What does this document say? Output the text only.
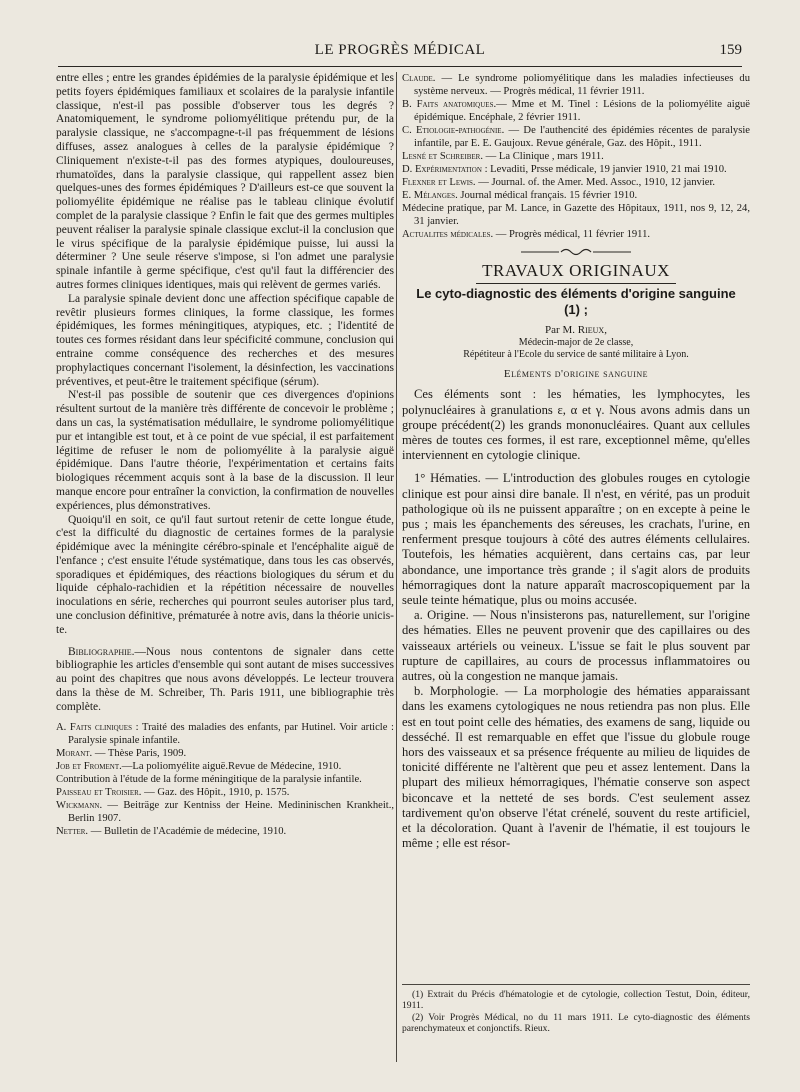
LE PROGRÈS MÉDICAL	159

entre elles ; entre les grandes épidémies de la paralysie épidémique et les petits foyers épidémiques familiaux et scolaires de la paralysie infantile classique, n'est-il pas possible d'observer tous les degrés ? Anatomiquement, le syndrome poliomyélitique prétendu pur, de la paralysie classique, ne s'accompagne-t-il pas fréquemment de lésions diffuses, assez analogues à celles de la paralysie épidémique ? Cliniquement n'existe-t-il pas des formes atypiques, douloureuses, rhumatoïdes, dans la paralysie classique, qui rappellent assez bien quelques-unes des formes épidémiques ? D'ailleurs est-ce que souvent la poliomyélite épidémique ne réalise pas le tableau clinique évolutif complet de la paralysie classique ? Enfin le fait que des germes multiples peuvent réaliser la paralysie spinale classique exclut-il la conclusion que le virus spécifique de la paralysie épidémique puisse, lui aussi la déterminer ? Une seule réserve s'impose, si l'on admet une paralysie spinale infantile à germe spécifique, c'est qu'il faut la différencier des autres formes cliniques identiques, mais qui relèvent de germes variés.

La paralysie spinale devient donc une affection spécifique capable de revêtir plusieurs formes cliniques, la forme classique, les formes épidémiques, les formes méningitiques, atypiques, etc. ; l'identité de toutes ces formes résidant dans leur spécificité commune, conclusion qui entraine comme conséquence des recherches et des mesures prophylactiques concernant l'isolement, la désinfection, les vaccinations préventives, et peut-être le traitement spécifique (sérum).

N'est-il pas possible de soutenir que ces divergences d'opinions résultent surtout de la manière très différente de concevoir le problème ; dans un cas, la systématisation médullaire, le syndrome poliomyélitique pur et intangible est tout, et à ce point de vue spécial, il est parfaitement légitime de refuser le nom de poliomyélite à la paralysie aiguë épidémique. Dans l'autre théorie, l'expérimentation et certains faits biologiques récemment acquis sont à la base de la discussion. Il leur manque encore pour entraîner la conviction, la confirmation de nouvelles expériences, plus démonstratives.

Quoiqu'il en soit, ce qu'il faut surtout retenir de cette longue étude, c'est la difficulté du diagnostic de certaines formes de la paralysie épidémique avec la méningite cérébro-spinale et l'encéphalite aiguë de l'enfance ; c'est ensuite l'étude systématique, dans tous les cas observés, sporadiques et épidémiques, des réactions biologiques du sérum et du liquide céphalo-rachidien et la répétition nécessaire de nouvelles inoculations en série, recherches qui pourront seules autoriser plus tard, une conclusion définitive, prématurée à notre avis, dans la théorie unicis-te.

Bibliographie.—Nous nous contentons de signaler dans cette bibliographie les articles d'ensemble qui sont autant de mises successives au point des chapitres que nous avons développés. Le lecteur trouvera dans la thèse de M. Schreiber, Th. Paris 1911, une bibliographie très complète.

A. Faits cliniques : Traité des maladies des enfants, par Hutinel. Voir article : Paralysie spinale infantile.

Morant. — Thèse Paris, 1909.

Job et Froment.—La poliomyélite aiguë.Revue de Médecine, 1910.

Contribution à l'étude de la forme méningitique de la paralysie infantile.

Paisseau et Troisier. — Gaz. des Hôpit., 1910, p. 1575.

Wickmann. — Beiträge zur Kentniss der Heine. Medininischen Krankheit., Berlin 1907.

Netter. — Bulletin de l'Académie de médecine, 1910.

Claude. — Le syndrome poliomyélitique dans les maladies infectieuses du système nerveux. — Progrès médical, 11 février 1911.

B. Faits anatomiques.— Mme et M. Tinel : Lésions de la poliomyélite aiguë épidémique. Encéphale, 2 février 1911.

C. Etiologie-pathogénie. — De l'authencité des épidémies récentes de paralysie infantile, par E. E. Gaujoux. Revue générale, Gaz. des Hôpit., 1911.

Lesné et Schreiber. — La Clinique , mars 1911.

D. Expérimentation : Levaditi, Prsse médicale, 19 janvier 1910, 21 mai 1910.

Flexner et Lewis. — Journal. of. the Amer. Med. Assoc., 1910, 12 janvier.

E. Mélanges. Journal médical français. 15 février 1910.

Médecine pratique, par M. Lance, in Gazette des Hôpitaux, 1911, nos 9, 12, 24, 31 janvier.

Actualites médicales. — Progrès médical, 11 février 1911.

TRAVAUX ORIGINAUX
Le cyto-diagnostic des éléments d'origine sanguine (1) ;

Par M. Rieux,

Médecin-major de 2e classe,

Répétiteur à l'Ecole du service de santé militaire à Lyon.

Eléments d'origine sanguine

Ces éléments sont : les hématies, les lymphocytes, les polynucléaires à granulations ε, α et γ. Nous avons admis dans un groupe précédent(2) les grands mononucléaires. Quant aux cellules mères de toutes ces formes, il est rare, exceptionnel même, qu'elles interviennent en cytologie clinique.

1° Hématies. — L'introduction des globules rouges en cytologie clinique est pour ainsi dire banale. Il n'est, en vérité, pas un produit pathologique où ils ne puissent apparaître ; on en excepte à peine le pus ; mais les épanchements des séreuses, les crachats, l'urine, en renferment presque toujours à côté des autres éléments cellulaires. Toutefois, les hématies acquièrent, dans certains cas, par leur abondance, une importance très grande ; il s'agit alors de produits hémorragiques dont la nature apparaît macroscopiquement par la seule teinte hématique, plus ou moins accusée.

a. Origine. — Nous n'insisterons pas, naturellement, sur l'origine des hématies. Elles ne peuvent provenir que des capillaires ou des vaisseaux artériels ou veineux. L'issue se fait le plus souvent par rupture de capillaires, au cours de processus inflammatoires ou autres, où la congestion ne manque jamais.

b. Morphologie. — La morphologie des hématies apparaissant dans les examens cytologiques ne nous retiendra pas non plus. Elle est en tout point celle des hématies, des examens de sang, liquide ou desséché. Il est remarquable en effet que l'issue du globule rouge hors des vaisseaux et sa présence fréquente au milieu de liquides de tonicité différente ne l'altèrent que peu et assez lentement. Dans la plupart des milieux hémorragiques, l'hématie conserve son aspect biconcave et la netteté de ses bords. C'est seulement assez tardivement qu'on observe l'état crénelé, souvent du reste artificiel, et la décoloration. Quant à l'avenir de l'hématie, il est toujours le même ; elle est résor-

(1) Extrait du Précis d'hématologie et de cytologie, collection Testut, Doin, éditeur, 1911.

(2) Voir Progrès Médical, no du 11 mars 1911. Le cyto-diagnostic des éléments parenchymateux et conjonctifs. Rieux.
